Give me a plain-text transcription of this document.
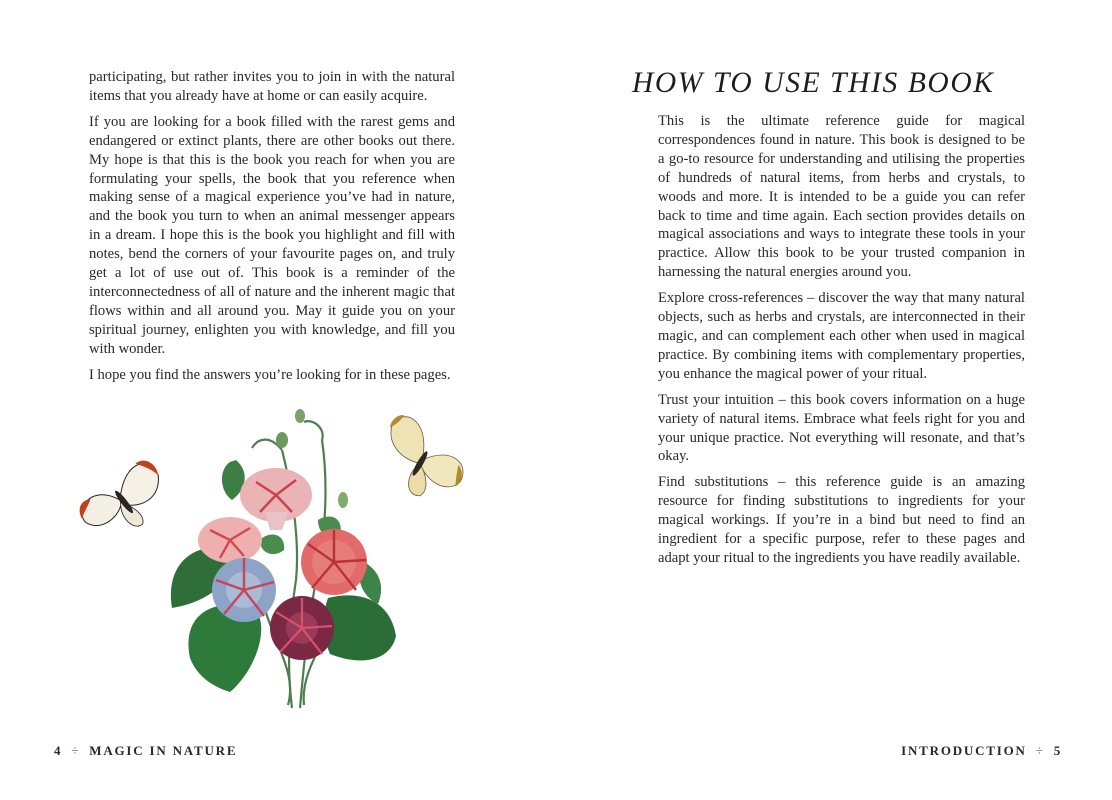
participating, but rather invites you to join in with the natural items that you already have at home or can easily acquire.

If you are looking for a book filled with the rarest gems and endangered or extinct plants, there are other books out there. My hope is that this is the book you reach for when you are formulating your spells, the book that you reference when making sense of a magical experience you’ve had in nature, and the book you turn to when an animal messenger appears in a dream. I hope this is the book you highlight and fill with notes, bend the corners of your favourite pages on, and truly get a lot of use out of. This book is a reminder of the interconnectedness of all of nature and the inherent magic that flows within and all around you. May it guide you on your spiritual journey, enlighten you with knowledge, and fill you with wonder.

I hope you find the answers you’re looking for in these pages.

4 ÷ MAGIC IN NATURE
HOW TO USE THIS BOOK

This is the ultimate reference guide for magical correspondences found in nature. This book is designed to be a go-to resource for understanding and utilising the properties of hundreds of natural items, from herbs and crystals, to woods and more. It is intended to be a guide you can refer back to time and time again. Each section provides details on magical associations and ways to integrate these tools in your practice. Allow this book to be your trusted companion in harnessing the natural energies around you.

Explore cross-references – discover the way that many natural objects, such as herbs and crystals, are interconnected in their magic, and can complement each other when used in magical practice. By combining items with complementary properties, you enhance the magical power of your ritual.

Trust your intuition – this book covers information on a huge variety of natural items. Embrace what feels right for you and your unique practice. Not everything will resonate, and that’s okay.

Find substitutions – this reference guide is an amazing resource for finding substitutions to ingredients for your magical workings. If you’re in a bind but need to find an ingredient for a specific purpose, refer to these pages and adapt your ritual to the ingredients you have readily available.

INTRODUCTION ÷ 5
